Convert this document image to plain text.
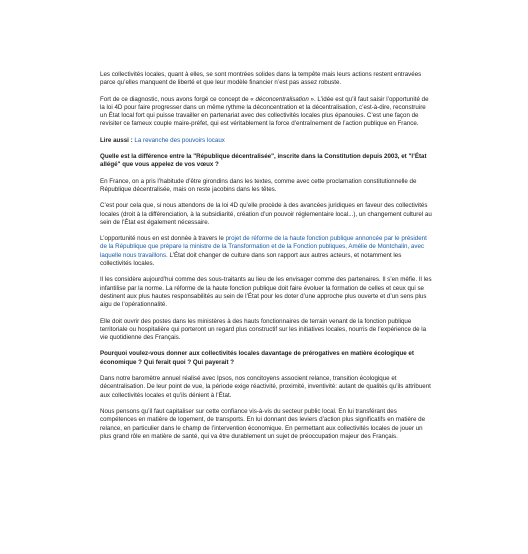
Les collectivités locales, quant à elles, se sont montrées solides dans la tempête mais leurs actions restent entravées parce qu’elles manquent de liberté et que leur modèle financier n’est pas assez robuste.

Fort de ce diagnostic, nous avons forgé ce concept de « déconcentralisation ». L’idée est qu’il faut saisir l’opportunité de la loi 4D pour faire progresser dans un même rythme la déconcentration et la décentralisation, c’est-à-dire, reconstruire un État local fort qui puisse travailler en partenariat avec des collectivités locales plus épanouies. C’est une façon de revisiter ce fameux couple maire-préfet, qui est véritablement la force d’entraînement de l’action publique en France.

Lire aussi : La revanche des pouvoirs locaux

Quelle est la différence entre la "République décentralisée", inscrite dans la Constitution depuis 2003, et "l’État allégé" que vous appelez de vos vœux ?

En France, on a pris l’habitude d’être girondins dans les textes, comme avec cette proclamation constitutionnelle de République décentralisée, mais on reste jacobins dans les têtes.

C’est pour cela que, si nous attendons de la loi 4D qu’elle procède à des avancées juridiques en faveur des collectivités locales (droit à la différenciation, à la subsidiarité, création d’un pouvoir réglementaire local...), un changement culturel au sein de l’État est également nécessaire.

L’opportunité nous en est donnée à travers le projet de réforme de la haute fonction publique annoncée par le président de la République que prépare la ministre de la Transformation et de la Fonction publiques, Amélie de Montchalin, avec laquelle nous travaillons. L’État doit changer de culture dans son rapport aux autres acteurs, et notamment les collectivités locales.

Il les considère aujourd’hui comme des sous-traitants au lieu de les envisager comme des partenaires. Il s’en méfie. Il les infantilise par la norme. La réforme de la haute fonction publique doit faire évoluer la formation de celles et ceux qui se destinent aux plus hautes responsabilités au sein de l’État pour les doter d’une approche plus ouverte et d’un sens plus aigu de l’opérationnalité.

Elle doit ouvrir des postes dans les ministères à des hauts fonctionnaires de terrain venant de la fonction publique territoriale ou hospitalière qui porteront un regard plus constructif sur les initiatives locales, nourris de l’expérience de la vie quotidienne des Français.

Pourquoi voulez-vous donner aux collectivités locales davantage de prérogatives en matière écologique et économique ? Qui ferait quoi ? Qui payerait ?

Dans notre baromètre annuel réalisé avec Ipsos, nos concitoyens associent relance, transition écologique et décentralisation. De leur point de vue, la période exige réactivité, proximité, inventivité: autant de qualités qu’ils attribuent aux collectivités locales et qu’ils dénient à l’État.

Nous pensons qu’il faut capitaliser sur cette confiance vis-à-vis du secteur public local. En lui transférant des compétences en matière de logement, de transports. En lui donnant des leviers d’action plus significatifs en matière de relance, en particulier dans le champ de l’intervention économique. En permettant aux collectivités locales de jouer un plus grand rôle en matière de santé, qui va être durablement un sujet de préoccupation majeur des Français.
